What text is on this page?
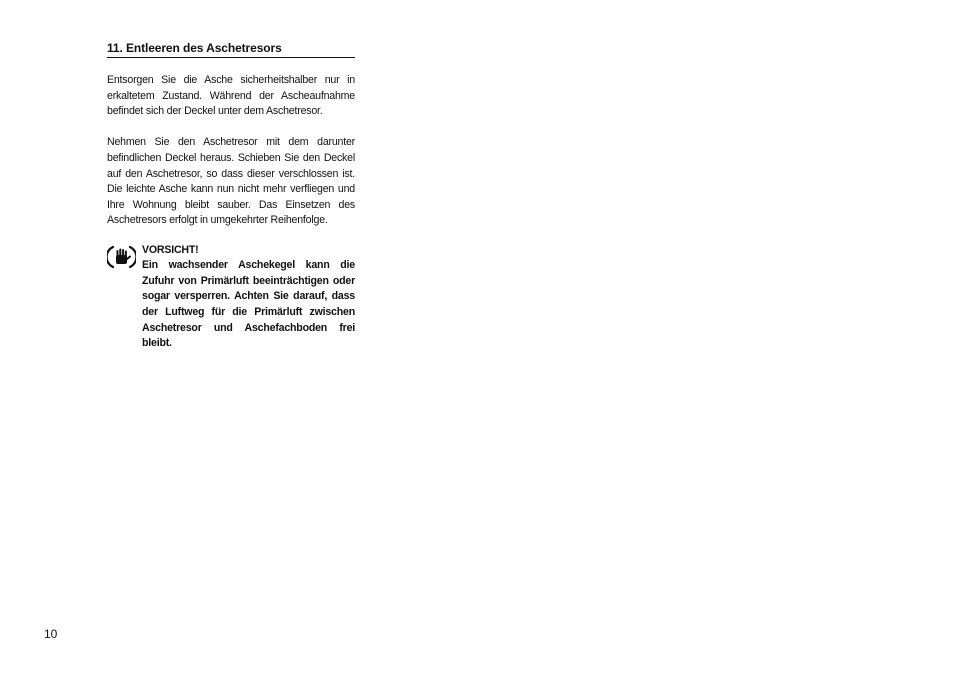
11. Entleeren des Aschetresors

Entsorgen Sie die Asche sicherheitshalber nur in erkaltetem Zustand. Während der Ascheaufnahme befindet sich der Deckel unter dem Aschetresor.

Nehmen Sie den Aschetresor mit dem darunter befindlichen Deckel heraus. Schieben Sie den Deckel auf den Aschetresor, so dass dieser verschlossen ist. Die leichte Asche kann nun nicht mehr verfliegen und Ihre Wohnung bleibt sauber. Das Einsetzen des Aschetresors erfolgt in umgekehrter Reihenfolge.

VORSICHT!
Ein wachsender Aschekegel kann die Zufuhr von Primärluft beeinträchtigen oder sogar versperren. Achten Sie darauf, dass der Luftweg für die Primärluft zwischen Aschetresor und Aschefachboden frei bleibt.
10
